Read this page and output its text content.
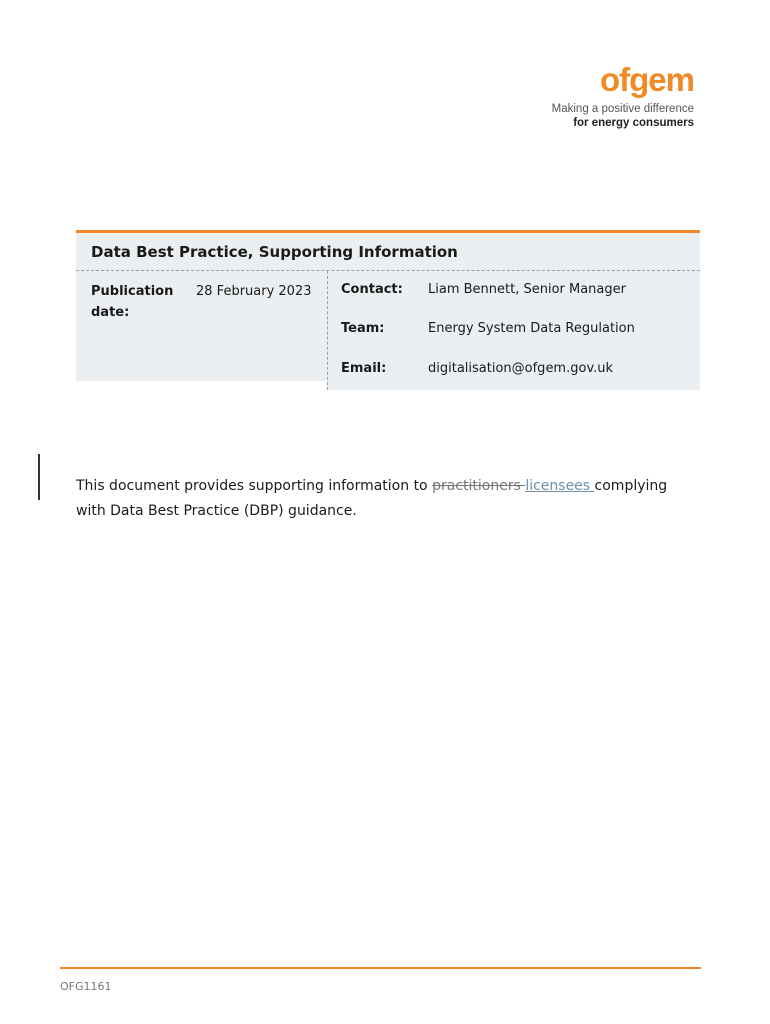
ofgem
Making a positive difference
for energy consumers
Data Best Practice, Supporting Information
Publication date:
28 February 2023 Contact: Liam Bennett, Senior Manager
Team:	Energy System Data Regulation
Email:	digitalisation@ofgem.gov.uk

This document provides supporting information to practitioners licensees complying with Data Best Practice (DBP) guidance.

OFG1161
